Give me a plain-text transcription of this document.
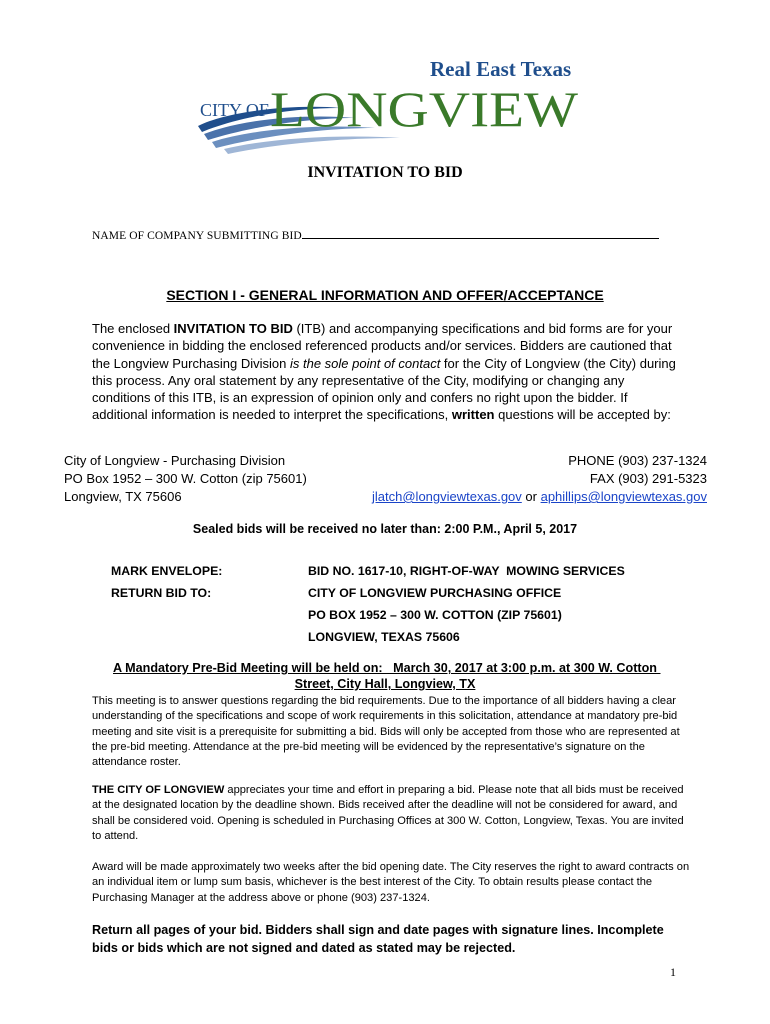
Real East Texas
CITY OF LONGVIEW
INVITATION TO BID
NAME OF COMPANY SUBMITTING BID
SECTION I - GENERAL INFORMATION AND OFFER/ACCEPTANCE

The enclosed INVITATION TO BID (ITB) and accompanying specifications and bid forms are for your convenience in bidding the enclosed referenced products and/or services. Bidders are cautioned that the Longview Purchasing Division is the sole point of contact for the City of Longview (the City) during this process. Any oral statement by any representative of the City, modifying or changing any conditions of this ITB, is an expression of opinion only and confers no right upon the bidder. If additional information is needed to interpret the specifications, written questions will be accepted by:

City of Longview - Purchasing Division	PHONE (903) 237-1324
PO Box 1952 – 300 W. Cotton (zip 75601)	FAX (903) 291-5323
Longview, TX 75606	jlatch@longviewtexas.gov or aphillips@longviewtexas.gov
Sealed bids will be received no later than: 2:00 P.M., April 5, 2017
MARK ENVELOPE:	BID NO. 1617-10, RIGHT-OF-WAY  MOWING SERVICES
RETURN BID TO:	CITY OF LONGVIEW PURCHASING OFFICE
PO BOX 1952 – 300 W. COTTON (ZIP 75601)
LONGVIEW, TEXAS 75606
A Mandatory Pre-Bid Meeting will be held on:   March 30, 2017 at 3:00 p.m. at 300 W. Cotton Street, City Hall, Longview, TX

This meeting is to answer questions regarding the bid requirements. Due to the importance of all bidders having a clear understanding of the specifications and scope of work requirements in this solicitation, attendance at mandatory pre-bid meeting and site visit is a prerequisite for submitting a bid. Bids will only be accepted from those who are represented at the pre-bid meeting. Attendance at the pre-bid meeting will be evidenced by the representative’s signature on the attendance roster.

THE CITY OF LONGVIEW appreciates your time and effort in preparing a bid. Please note that all bids must be received at the designated location by the deadline shown. Bids received after the deadline will not be considered for award, and shall be considered void. Opening is scheduled in Purchasing Offices at 300 W. Cotton, Longview, Texas. You are invited to attend.

Award will be made approximately two weeks after the bid opening date. The City reserves the right to award contracts on an individual item or lump sum basis, whichever is the best interest of the City. To obtain results please contact the Purchasing Manager at the address above or phone (903) 237-1324.

Return all pages of your bid. Bidders shall sign and date pages with signature lines. Incomplete bids or bids which are not signed and dated as stated may be rejected.
1
